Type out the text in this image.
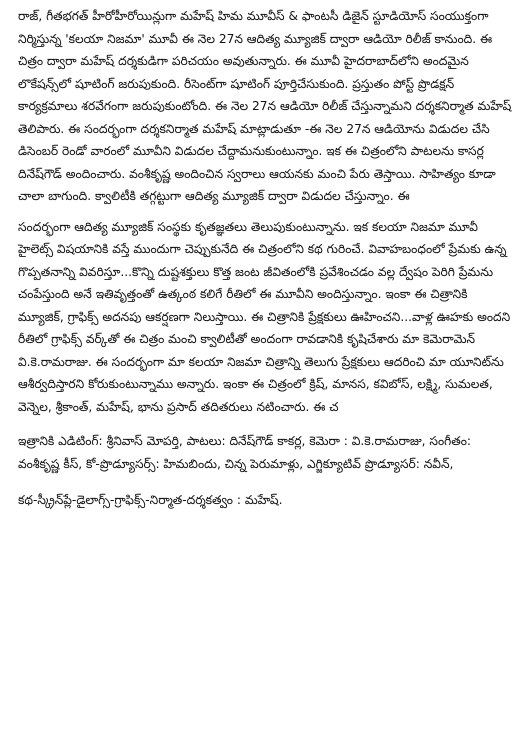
రాజ్, గీతభగత్ హీరోహీరోయిన్లుగా మహేష్ హిమ మూవీస్ & ఫాంటసీ డిజైన్ స్టూడియోస్ సంయుక్తంగా నిర్మిస్తున్న 'కలయా నిజమా' మూవీ ఈ నెల 27న ఆదిత్య మ్యూజిక్ ద్వారా ఆడియో రిలీజ్ కానుంది. ఈ చిత్రం ద్వారా మహేష్ దర్శకుడిగా పరిచయం అవుతున్నారు. ఈ మూవీ హైదరాబాద్‌లోని అందమైన లొకేషన్స్‌లో షూటింగ్ జరుపుకుంది. రీసెంట్‌గా షూటింగ్ పూర్తిచేసుకుంది. ప్రస్తుతం పోస్ట్ ప్రొడక్షన్ కార్యక్రమాలు శరవేగంగా జరుపుకుంటోంది. ఈ నెల 27న ఆడియో రిలీజ్ చేస్తున్నామని దర్శకనిర్మాత మహేష్ తెలిపారు. ఈ సందర్భంగా దర్శకనిర్మాత మహేష్ మాట్లాడుతూ -ఈ నెల 27న ఆడియోను విడుదల చేసి డిసెంబర్ రెండో వారంలో మూవీని విడుదల చేద్దామనుకుంటున్నాం. ఇక ఈ చిత్రంలోని పాటలను కాసర్ల దినేష్‌గౌడ్ అందించారు. వంశీకృష్ణ అందించిన స్వరాలు ఆయనకు మంచి పేరు తెస్తాయి. సాహిత్యం కూడా చాలా బాగుంది. క్వాలిటీకి తగ్గట్టుగా ఆదిత్య మ్యూజిక్ ద్వారా విడుదల చేస్తున్నాం. ఈ

సందర్భంగా ఆదిత్య మ్యూజిక్ సంస్థకు కృతజ్ఞతలు తెలుపుకుంటున్నాను. ఇక కలయా నిజమా మూవీ హైలెట్స్ విషయానికి వస్తే ముందుగా చెప్పుకునేది ఈ చిత్రంలోని కథ గురించే. వివాహబంధంలో ప్రేమకు ఉన్న గొప్పతనాన్ని వివరిస్తూ...కొన్ని దుష్టశక్తులు కొత్త జంట జీవితంలోకి ప్రవేశించడం వల్ల ద్వేషం పెరిగి ప్రేమను చంపేస్తుంది అనే ఇతివృత్తంతో ఉత్కంఠ కలిగే రీతిలో ఈ మూవీని అందిస్తున్నాం. ఇంకా ఈ చిత్రానికి మ్యూజిక్, గ్రాఫిక్స్ అదనపు ఆకర్షణగా నిలుస్తాయి. ఈ చిత్రానికి ప్రేక్షకులు ఊహించని...వాళ్ల ఊహకు అందని రీతిలో గ్రాఫిక్స్ వర్క్‌తో ఈ చిత్రం మంచి క్వాలిటీతో అందంగా రావడానికి కృషిచేశారు మా కెమెరామెన్ వి.కె.రామరాజు. ఈ సందర్భంగా మా కలయా నిజమా చిత్రాన్ని తెలుగు ప్రేక్షకులు ఆదరించి మా యూనిట్‌ను ఆశీర్వదిస్తారని కోరుకుంటున్నాము అన్నారు. ఇంకా ఈ చిత్రంలో క్రిష్, మానస, కవిబోస్, లక్ష్మి, సుమలత, వెన్నెల, శ్రీకాంత్, మహేష్, భాను ప్రసాద్ తదితరులు నటించారు. ఈ చ

ఇత్రానికి ఎడిటింగ్: శ్రీనివాస్ మోపర్తి, పాటలు: దినేష్‌గౌడ్ కాకర్ల, కెమెరా : వి.కె.రామరాజు, సంగీతం: వంశీకృష్ణ కీస్, కో-ప్రొడ్యూసర్స్: హిమబిందు, చిన్న పెరుమాళ్లు, ఎగ్జిక్యూటివ్ ప్రొడ్యూసర్: నవీన్,

కథ-స్క్రీన్‌ప్లే-డైలాగ్స్-గ్రాఫిక్స్-నిర్మాత-దర్శకత్వం : మహేష్.
